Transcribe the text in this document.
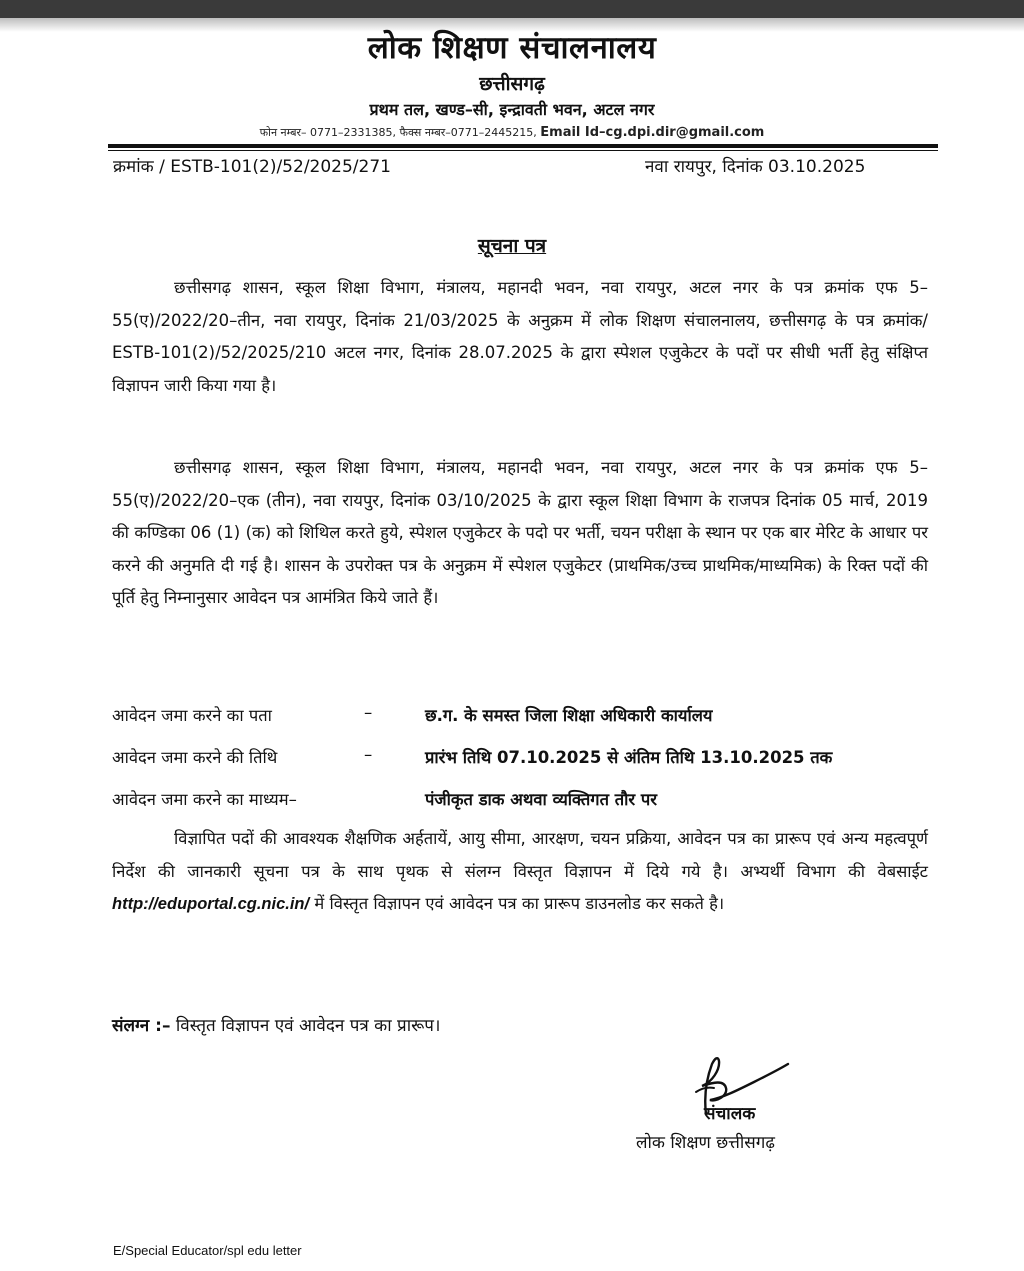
लोक शिक्षण संचालनालय
छत्तीसगढ़
प्रथम तल, खण्ड–सी, इन्द्रावती भवन, अटल नगर
फोन नम्बर– 0771–2331385, फैक्स नम्बर–0771–2445215, Email Id–cg.dpi.dir@gmail.com
क्रमांक / ESTB-101(2)/52/2025/271	नवा रायपुर, दिनांक 03.10.2025
सूचना पत्र
छत्तीसगढ़ शासन, स्कूल शिक्षा विभाग, मंत्रालय, महानदी भवन, नवा रायपुर, अटल नगर के पत्र क्रमांक एफ 5–55(ए)/2022/20–तीन, नवा रायपुर, दिनांक 21/03/2025 के अनुक्रम में लोक शिक्षण संचालनालय, छत्तीसगढ़ के पत्र क्रमांक/ ESTB-101(2)/52/2025/210 अटल नगर, दिनांक 28.07.2025 के द्वारा स्पेशल एजुकेटर के पदों पर सीधी भर्ती हेतु संक्षिप्त विज्ञापन जारी किया गया है।
छत्तीसगढ़ शासन, स्कूल शिक्षा विभाग, मंत्रालय, महानदी भवन, नवा रायपुर, अटल नगर के पत्र क्रमांक एफ 5–55(ए)/2022/20–एक (तीन), नवा रायपुर, दिनांक 03/10/2025 के द्वारा स्कूल शिक्षा विभाग के राजपत्र दिनांक 05 मार्च, 2019 की कण्डिका 06 (1) (क) को शिथिल करते हुये, स्पेशल एजुकेटर के पदो पर भर्ती, चयन परीक्षा के स्थान पर एक बार मेरिट के आधार पर करने की अनुमति दी गई है। शासन के उपरोक्त पत्र के अनुक्रम में स्पेशल एजुकेटर (प्राथमिक/उच्च प्राथमिक/माध्यमिक) के रिक्त पदों की पूर्ति हेतु निम्नानुसार आवेदन पत्र आमंत्रित किये जाते हैं।
आवेदन जमा करने का पता	–	छ.ग. के समस्त जिला शिक्षा अधिकारी कार्यालय
आवेदन जमा करने की तिथि	–	प्रारंभ तिथि 07.10.2025 से अंतिम तिथि 13.10.2025 तक
आवेदन जमा करने का माध्यम–	पंजीकृत डाक अथवा व्यक्तिगत तौर पर
विज्ञापित पदों की आवश्यक शैक्षणिक अर्हतायें, आयु सीमा, आरक्षण, चयन प्रक्रिया, आवेदन पत्र का प्रारूप एवं अन्य महत्वपूर्ण निर्देश की जानकारी सूचना पत्र के साथ पृथक से संलग्न विस्तृत विज्ञापन में दिये गये है। अभ्यर्थी विभाग की वेबसाईट http://eduportal.cg.nic.in/ में विस्तृत विज्ञापन एवं आवेदन पत्र का प्रारूप डाउनलोड कर सकते है।
संलग्न :– विस्तृत विज्ञापन एवं आवेदन पत्र का प्रारूप।
संचालक
लोक शिक्षण छत्तीसगढ़
E/Special Educator/spl edu letter
